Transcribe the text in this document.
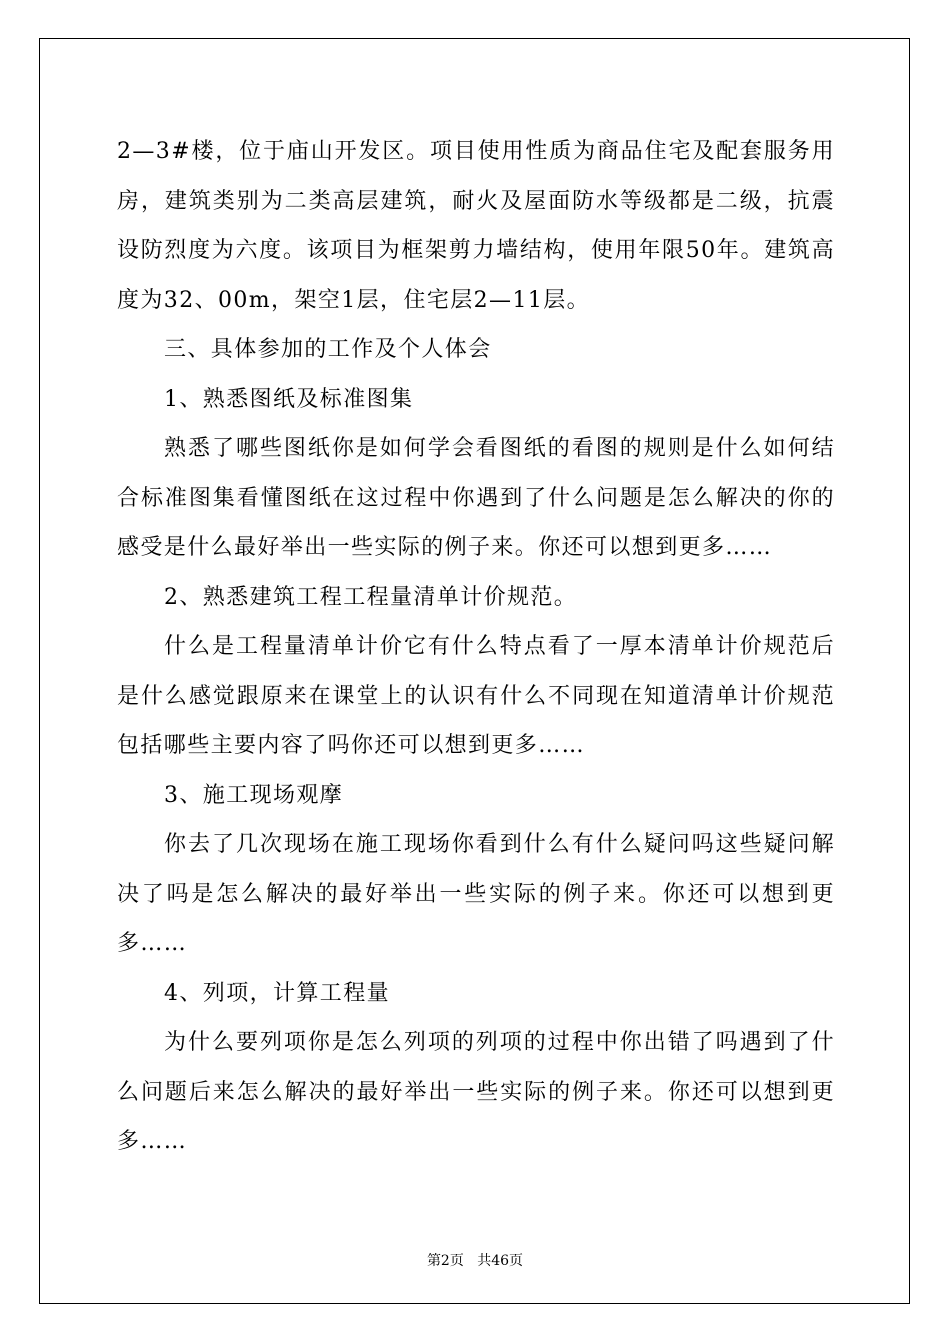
2—3#楼，位于庙山开发区。项目使用性质为商品住宅及配套服务用房，建筑类别为二类高层建筑，耐火及屋面防水等级都是二级，抗震设防烈度为六度。该项目为框架剪力墙结构，使用年限50年。建筑高度为32、00m，架空1层，住宅层2—11层。

三、具体参加的工作及个人体会

1、熟悉图纸及标准图集

熟悉了哪些图纸你是如何学会看图纸的看图的规则是什么如何结合标准图集看懂图纸在这过程中你遇到了什么问题是怎么解决的你的感受是什么最好举出一些实际的例子来。你还可以想到更多……

2、熟悉建筑工程工程量清单计价规范。

什么是工程量清单计价它有什么特点看了一厚本清单计价规范后是什么感觉跟原来在课堂上的认识有什么不同现在知道清单计价规范包括哪些主要内容了吗你还可以想到更多……

3、施工现场观摩

你去了几次现场在施工现场你看到什么有什么疑问吗这些疑问解决了吗是怎么解决的最好举出一些实际的例子来。你还可以想到更多……

4、列项，计算工程量

为什么要列项你是怎么列项的列项的过程中你出错了吗遇到了什么问题后来怎么解决的最好举出一些实际的例子来。你还可以想到更多……

第2页 共46页
